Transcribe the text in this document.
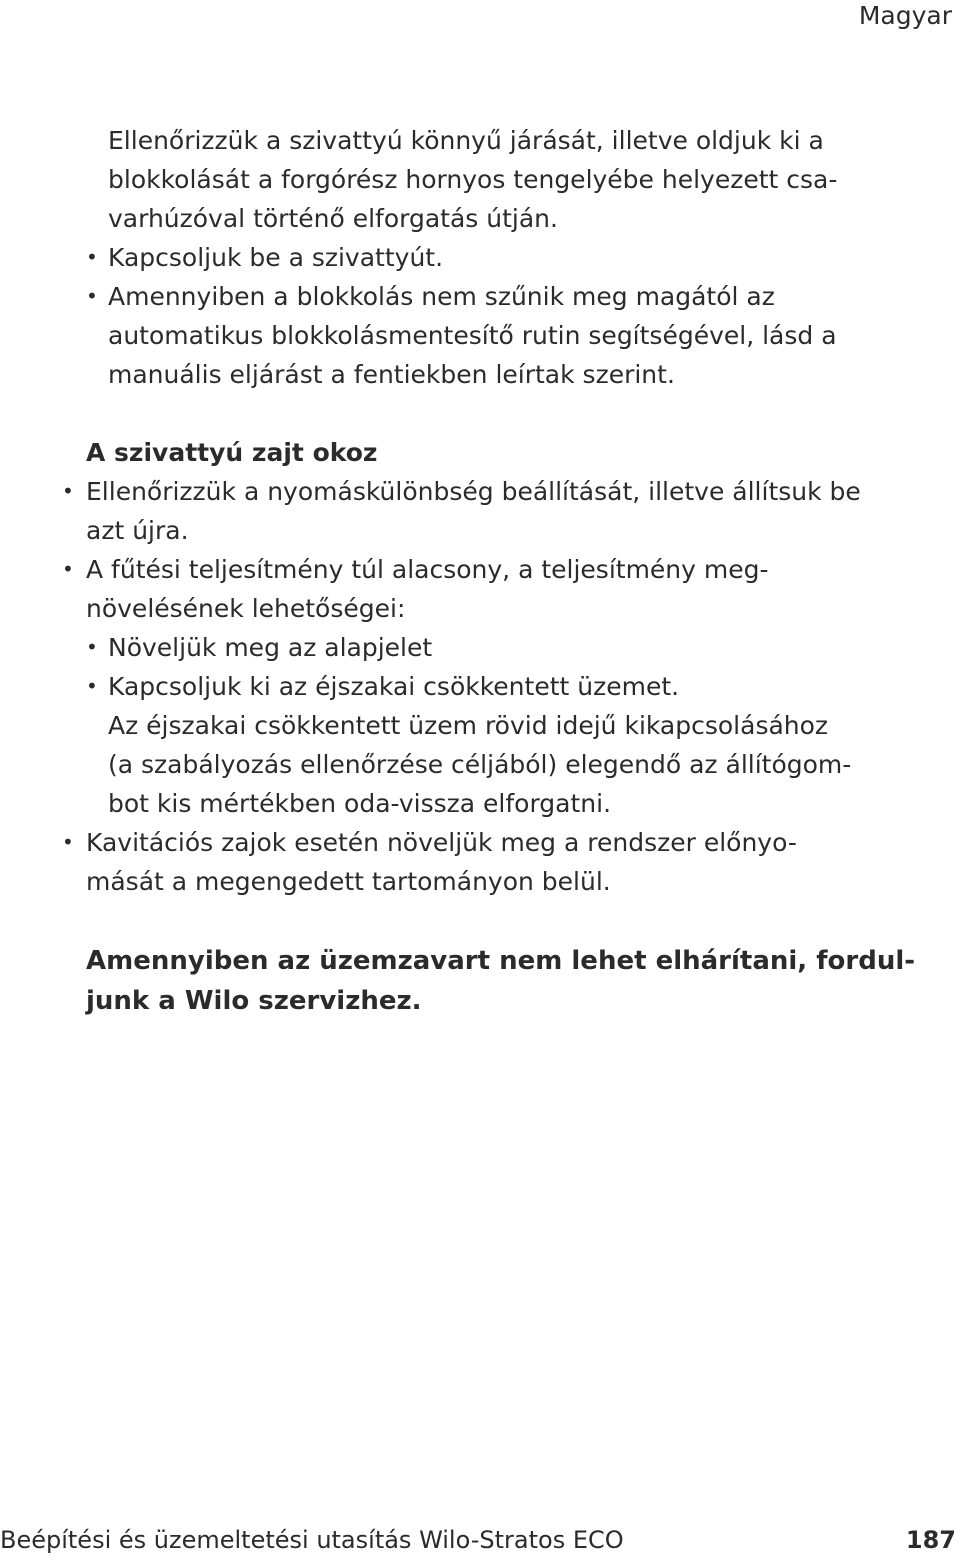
Magyar
Ellenőrizzük a szivattyú könnyű járását, illetve oldjuk ki a
blokkolását a forgórész hornyos tengelyébe helyezett csa-
varhúzóval történő elforgatás útján.
• Kapcsoljuk be a szivattyút.
• Amennyiben a blokkolás nem szűnik meg magától az
automatikus blokkolásmentesítő rutin segítségével, lásd a
manuális eljárást a fentiekben leírtak szerint.
A szivattyú zajt okoz
• Ellenőrizzük a nyomáskülönbség beállítását, illetve állítsuk be
azt újra.
• A fűtési teljesítmény túl alacsony, a teljesítmény meg-
növelésének lehetőségei:
• Növeljük meg az alapjelet
• Kapcsoljuk ki az éjszakai csökkentett üzemet.
Az éjszakai csökkentett üzem rövid idejű kikapcsolásához
(a szabályozás ellenőrzése céljából) elegendő az állítógom-
bot kis mértékben oda-vissza elforgatni.
• Kavitációs zajok esetén növeljük meg a rendszer előnyo-
mását a megengedett tartományon belül.
Amennyiben az üzemzavart nem lehet elhárítani, fordul-
junk a Wilo szervizhez.
Beépítési és üzemeltetési utasítás Wilo-Stratos ECO	187
